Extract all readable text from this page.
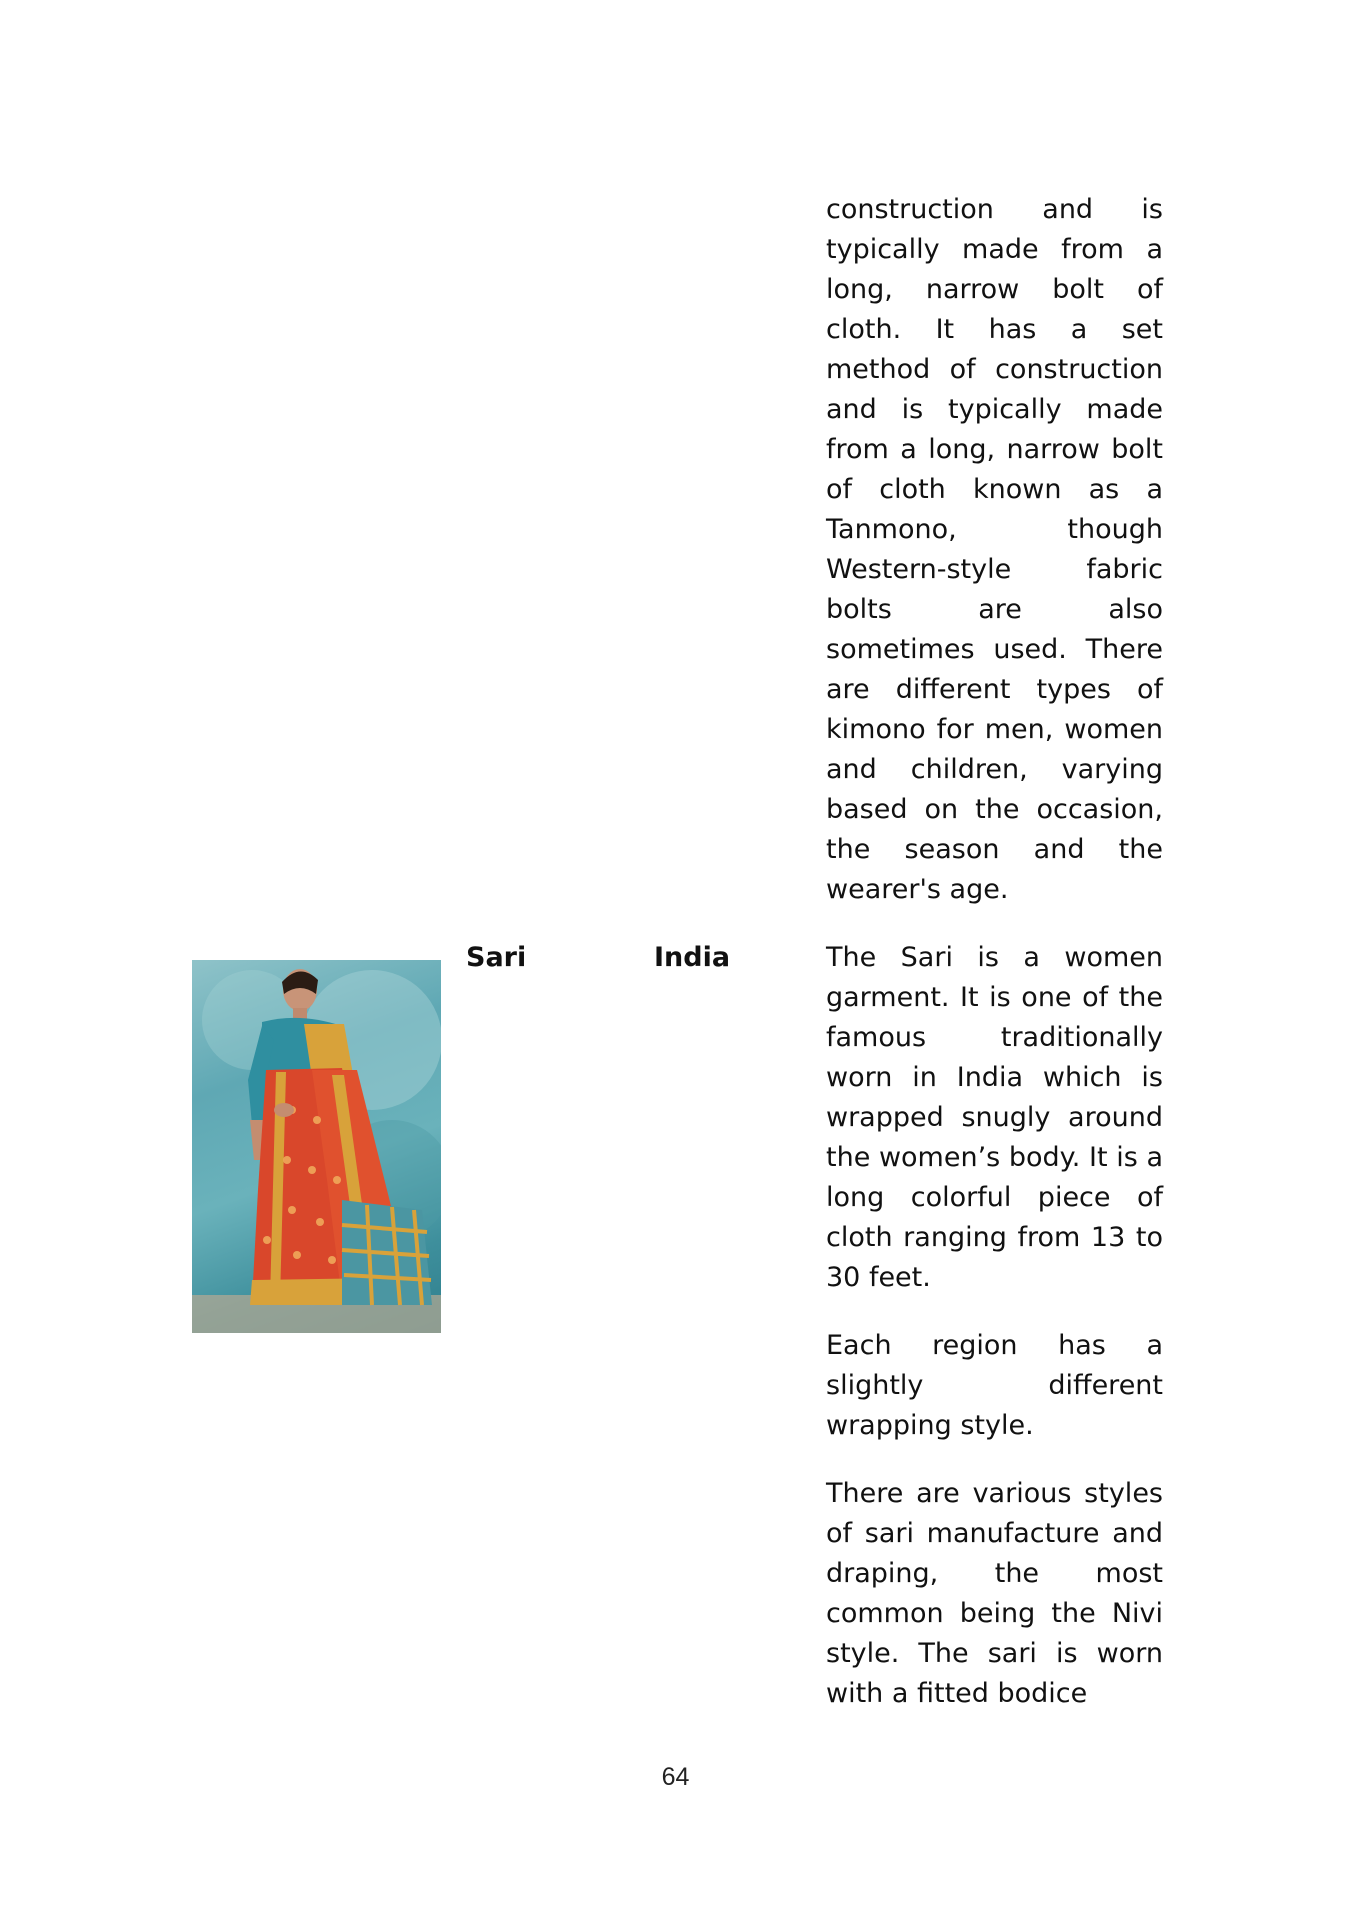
construction and is typically made from a long, narrow bolt of cloth. It has a set method of construction and is typically made from a long, narrow bolt of cloth known as a Tanmono, though Western-style fabric bolts are also sometimes used. There are different types of kimono for men, women and children, varying based on the occasion, the season and the wearer's age.

Sari	India	The Sari is a women garment. It is one of the famous traditionally worn in India which is wrapped snugly around the women’s body. It is a long colorful piece of cloth ranging from 13 to 30 feet.

Each region has a slightly different wrapping style.

There are various styles of sari manufacture and draping, the most common being the Nivi style. The sari is worn with a fitted bodice

64
